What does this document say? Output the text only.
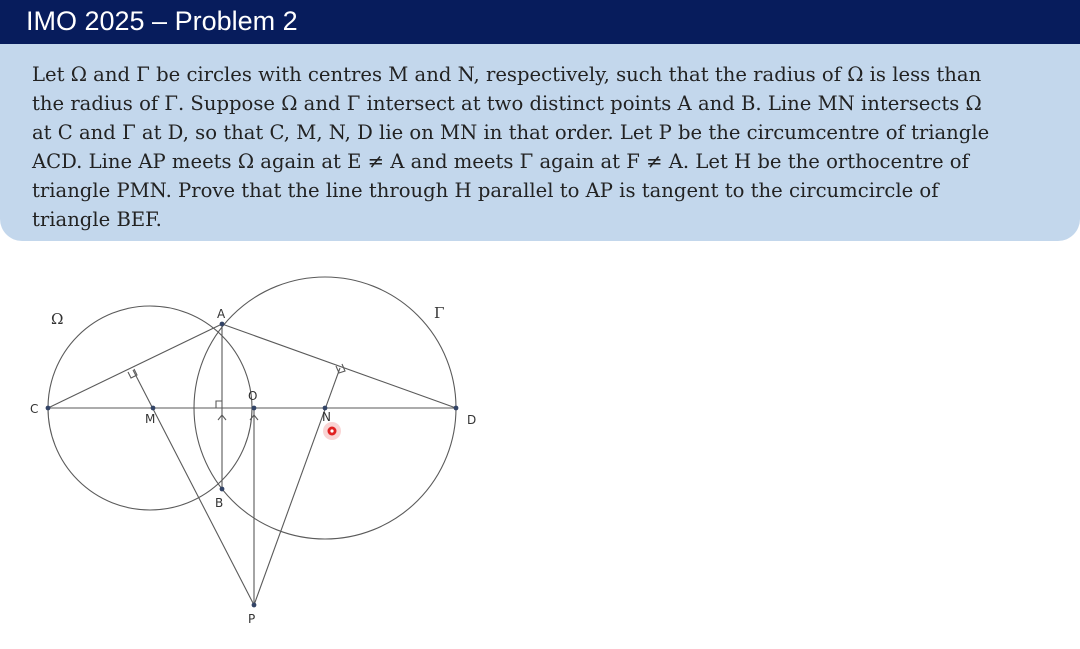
IMO 2025 – Problem 2

Let Ω and Γ be circles with centres M and N, respectively, such that the radius of Ω is less than

the radius of Γ. Suppose Ω and Γ intersect at two distinct points A and B. Line MN intersects Ω

at C and Γ at D, so that C, M, N, D lie on MN in that order. Let P be the circumcentre of triangle

ACD. Line AP meets Ω again at E ≠ A and meets Γ again at F ≠ A. Let H be the orthocentre of

triangle PMN. Prove that the line through H parallel to AP is tangent to the circumcircle of

triangle BEF.

Ω	Γ
A
B
C
D
M	N
O
P
